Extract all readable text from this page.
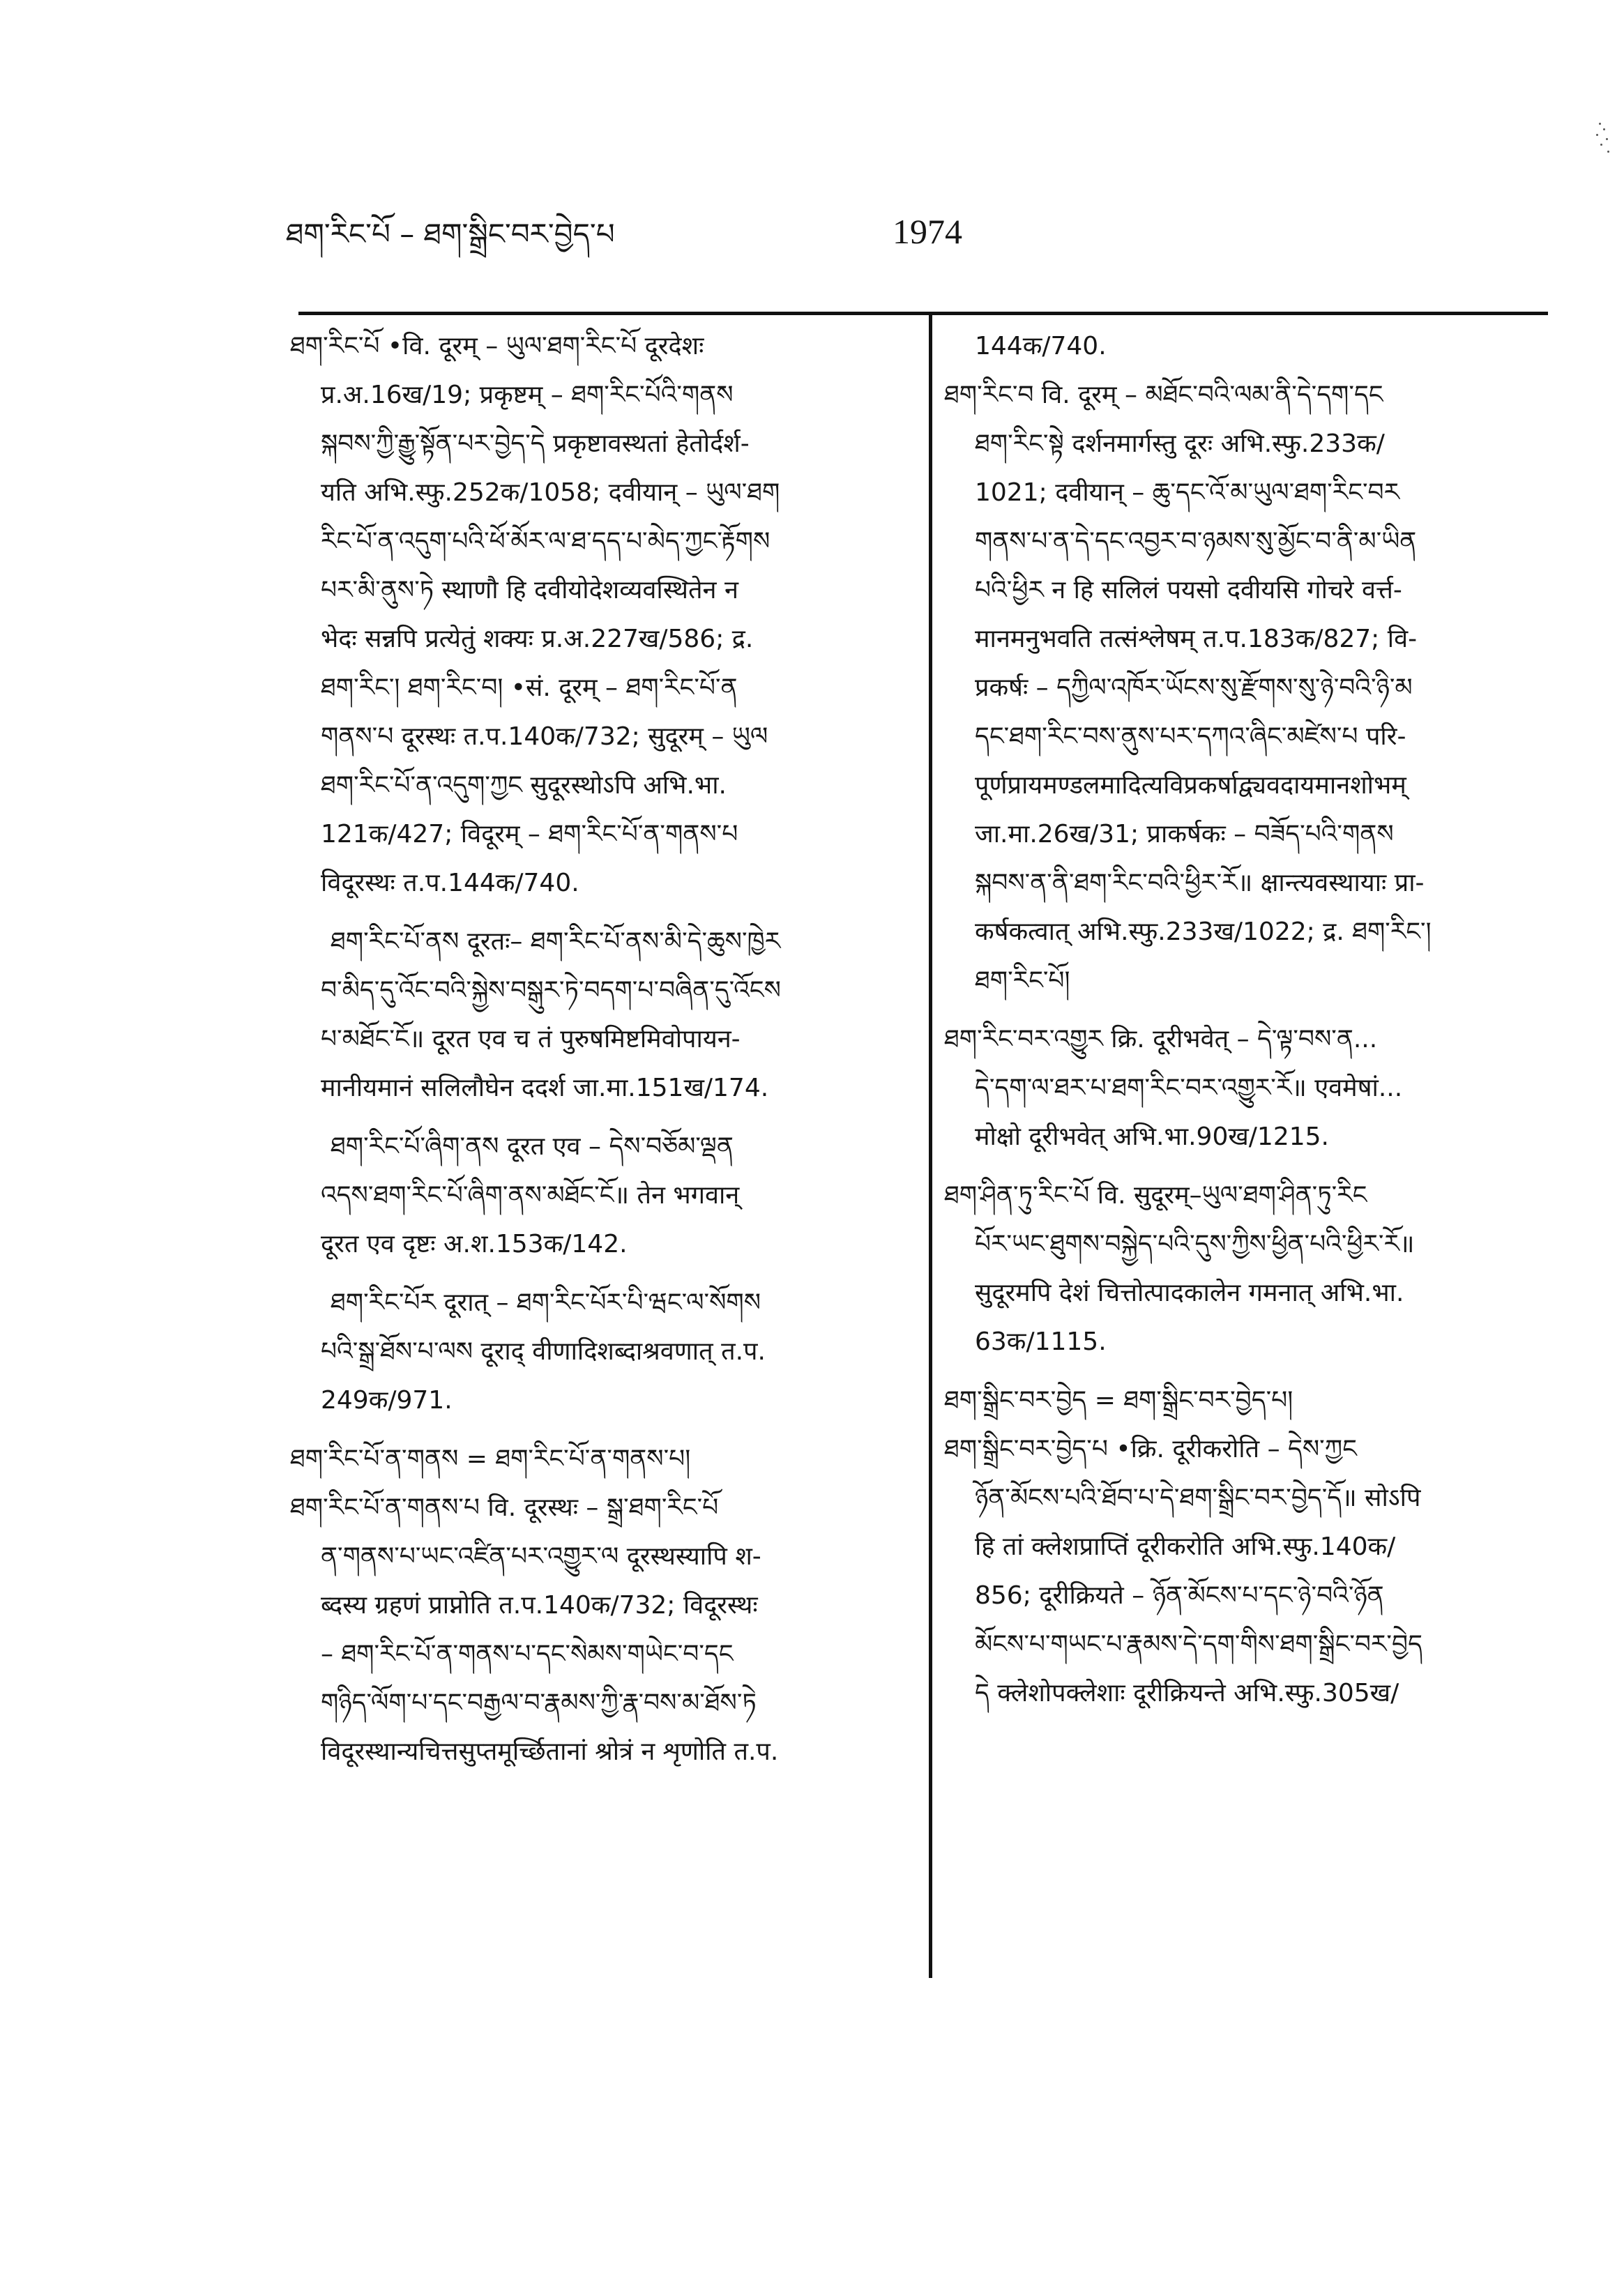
ཐག་རིང་པོ – ཐག་སྒྲིང་བར་བྱེད་པ	1974
ཐག་རིང་པོ •वि. दूरम् – ཡུལ་ཐག་རིང་པོ दूरदेशः
प्र.अ.16ख/19; प्रकृष्टम् – ཐག་རིང་པོའི་གནས
སྐབས་ཀྱི་རྒྱུ་སྟོན་པར་བྱེད་དེ प्रकृष्टावस्थतां हेतोर्दर्श-
यति अभि.स्फु.252क/1058; दवीयान् – ཡུལ་ཐག
རིང་པོ་ན་འདུག་པའི་ཕོ་མོར་ལ་ཐ་དད་པ་མེད་ཀྱང་རྟོགས
པར་མི་ནུས་ཏེ स्थाणौ हि दवीयोदेशव्यवस्थितेन न
भेदः सन्नपि प्रत्येतुं शक्यः प्र.अ.227ख/586; द्र.
ཐག་རིང་། ཐག་རིང་བ། •सं. दूरम् – ཐག་རིང་པོ་ན
གནས་པ दूरस्थः त.प.140क/732; सुदूरम् – ཡུལ
ཐག་རིང་པོ་ན་འདུག་ཀྱང सुदूरस्थोऽपि अभि.भा.
121क/427; विदूरम् – ཐག་རིང་པོ་ན་གནས་པ
विदूरस्थः त.प.144क/740.
ཐག་རིང་པོ་ནས दूरतः– ཐག་རིང་པོ་ནས་མི་དེ་ཆུས་ཁྱེར
བ་མིད་དུ་འོང་བའི་སྐྱེས་བསྒུར་ཏེ་བདག་པ་བཞིན་དུ་འོངས
པ་མཐོང་ངོ॥ दूरत एव च तं पुरुषमिष्टमिवोपायन-
मानीयमानं सलिलौघेन ददर्श जा.मा.151ख/174.
ཐག་རིང་པོ་ཞིག་ནས दूरत एव – དེས་བཅོམ་ལྡན
འདས་ཐག་རིང་པོ་ཞིག་ནས་མཐོང་ངོ॥ तेन भगवान्
दूरत एव दृष्टः अ.श.153क/142.
ཐག་རིང་པོར दूरात् – ཐག་རིང་པོར་པི་ཝང་ལ་སོགས
པའི་སྒྲ་ཐོས་པ་ལས दूराद् वीणादिशब्दाश्रवणात् त.प.
249क/971.
ཐག་རིང་པོ་ན་གནས = ཐག་རིང་པོ་ན་གནས་པ།
ཐག་རིང་པོ་ན་གནས་པ वि. दूरस्थः – སྒྲ་ཐག་རིང་པོ
ན་གནས་པ་ཡང་འཛིན་པར་འགྱུར་ལ दूरस्थस्यापि श-
ब्दस्य ग्रहणं प्राप्नोति त.प.140क/732; विदूरस्थः
– ཐག་རིང་པོ་ན་གནས་པ་དང་སེམས་གཡེང་བ་དང
གཉིད་ལོག་པ་དང་བརྒྱལ་བ་རྣམས་ཀྱི་རྣ་བས་མ་ཐོས་ཏེ
विदूरस्थान्यचित्तसुप्तमूर्च्छितानां श्रोत्रं न शृणोति त.प.
144क/740.
ཐག་རིང་བ वि. दूरम् – མཐོང་བའི་ལམ་ནི་དེ་དག་དང
ཐག་རིང་སྟེ दर्शनमार्गस्तु दूरः अभि.स्फु.233क/
1021; दवीयान् – ཆུ་དང་འོ་མ་ཡུལ་ཐག་རིང་བར
གནས་པ་ན་དེ་དང་འབྱར་བ་ཉམས་སུ་མྱོང་བ་ནི་མ་ཡིན
པའི་ཕྱིར न हि सलिलं पयसो दवीयसि गोचरे वर्त्त-
मानमनुभवति तत्संश्लेषम् त.प.183क/827; वि-
प्रकर्षः – དཀྱིལ་འཁོར་ཡོངས་སུ་རྫོགས་སུ་ཉེ་བའི་ཉི་མ
དང་ཐག་རིང་བས་ནུས་པར་དཀའ་ཞིང་མཛེས་པ परि-
पूर्णप्रायमण्डलमादित्यविप्रकर्षाद्व्यवदायमानशोभम्
जा.मा.26ख/31; प्राकर्षकः – བཟོད་པའི་གནས
སྐབས་ན་ནི་ཐག་རིང་བའི་ཕྱིར་རོ॥ क्षान्त्यवस्थायाः प्रा-
कर्षकत्वात् अभि.स्फु.233ख/1022; द्र. ཐག་རིང་།
ཐག་རིང་པོ།
ཐག་རིང་བར་འགྱུར क्रि. दूरीभवेत् – དེ་ལྟ་བས་ན...
དེ་དག་ལ་ཐར་པ་ཐག་རིང་བར་འགྱུར་རོ॥ एवमेषां...
मोक्षो दूरीभवेत् अभि.भा.90ख/1215.
ཐག་ཤིན་ཏུ་རིང་པོ वि. सुदूरम्–ཡུལ་ཐག་ཤིན་ཏུ་རིང
པོར་ཡང་ཐུགས་བསྐྱེད་པའི་དུས་ཀྱིས་ཕྱིན་པའི་ཕྱིར་རོ॥
सुदूरमपि देशं चित्तोत्पादकालेन गमनात् अभि.भा.
63क/1115.
ཐག་སྒྲིང་བར་བྱེད = ཐག་སྒྲིང་བར་བྱེད་པ།
ཐག་སྒྲིང་བར་བྱེད་པ •क्रि. दूरीकरोति – དེས་ཀྱང
ཉོན་མོངས་པའི་ཐོབ་པ་དེ་ཐག་སྒྲིང་བར་བྱེད་དོ॥ सोऽपि
हि तां क्लेशप्राप्तिं दूरीकरोति अभि.स्फु.140क/
856; दूरीक्रियते – ཉོན་མོངས་པ་དང་ཉེ་བའི་ཉོན
མོངས་པ་གཡང་པ་རྣམས་དེ་དག་གིས་ཐག་སྒྲིང་བར་བྱེད
དེ क्लेशोपक्लेशाः दूरीक्रियन्ते अभि.स्फु.305ख/
